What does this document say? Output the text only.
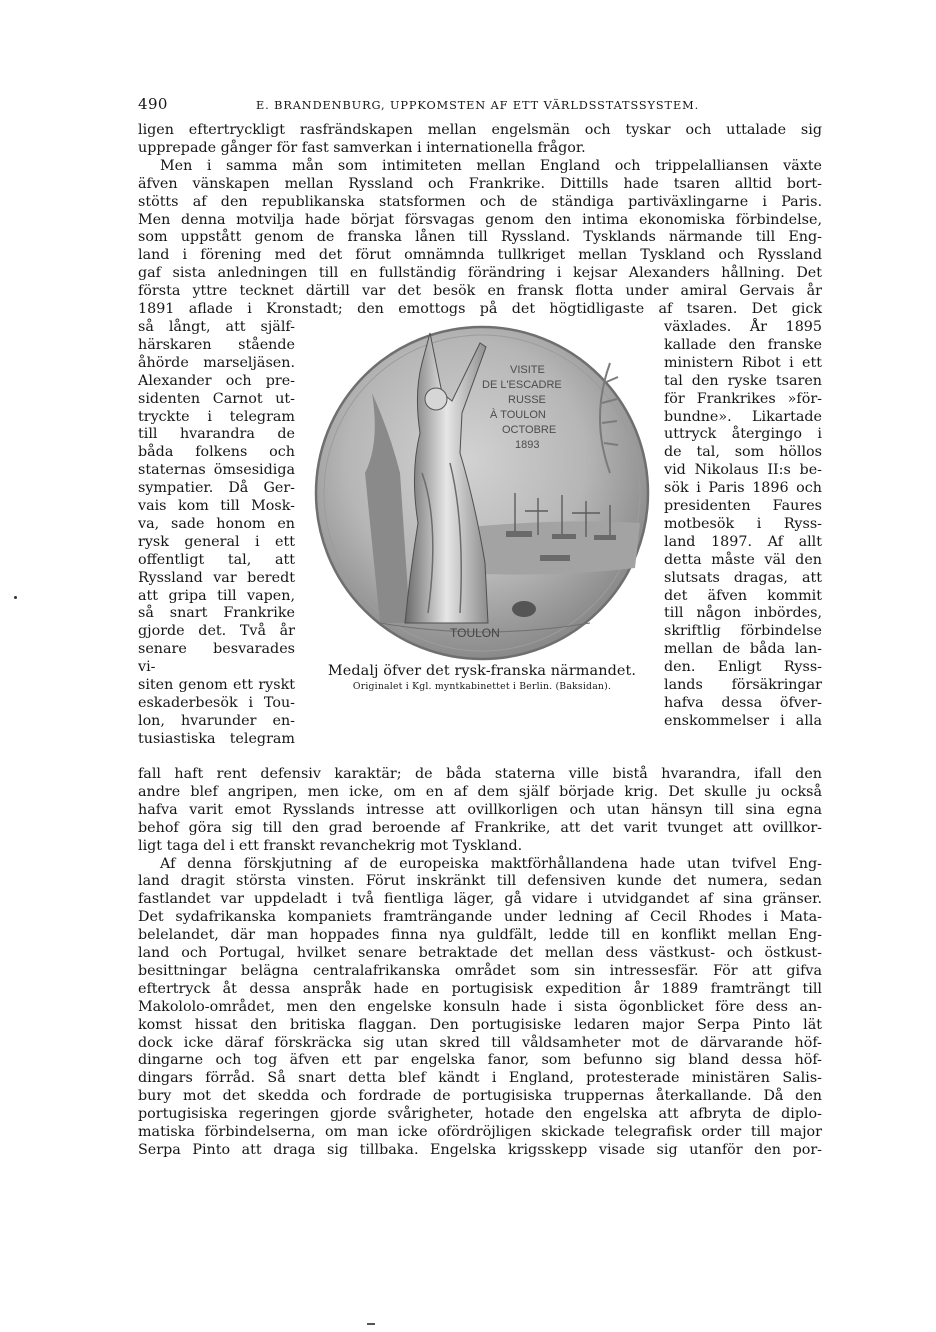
490	E. BRANDENBURG, UPPKOMSTEN AF ETT VÄRLDSSTATSSYSTEM.

ligen eftertryckligt rasfrändskapen mellan engelsmän och tyskar och uttalade sig

upprepade gånger för fast samverkan i internationella frågor.

Men i samma mån som intimiteten mellan England och trippelalliansen växte

äfven vänskapen mellan Ryssland och Frankrike. Dittills hade tsaren alltid bort-

stötts af den republikanska statsformen och de ständiga partiväxlingarne i Paris.

Men denna motvilja hade börjat försvagas genom den intima ekonomiska förbindelse,

som uppstått genom de franska lånen till Ryssland. Tysklands närmande till Eng-

land i förening med det förut omnämnda tullkriget mellan Tyskland och Ryssland

gaf sista anledningen till en fullständig förändring i kejsar Alexanders hållning. Det

första yttre tecknet därtill var det besök en fransk flotta under amiral Gervais år

1891 aflade i Kronstadt; den emottogs på det högtidligaste af tsaren. Det gick

så långt, att själf-

härskaren stående

åhörde marseljäsen.

Alexander och pre-

sidenten Carnot ut-

tryckte i telegram

till hvarandra de

båda folkens och

staternas ömsesidiga

sympatier. Då Ger-

vais kom till Mosk-

va, sade honom en

rysk general i ett

offentligt tal, att

Ryssland var beredt

att gripa till vapen,

så snart Frankrike

gjorde det. Två år

senare besvarades vi-

siten genom ett ryskt

eskaderbesök i Tou-

lon, hvarunder en-

tusiastiska telegram

VISITE
DE L'ESCADRE
RUSSE
À TOULON
OCTOBRE
1893
TOULON
Medalj öfver det rysk-franska närmandet.
Originalet i Kgl. myntkabinettet i Berlin. (Baksidan).

växlades. År 1895

kallade den franske

ministern Ribot i ett

tal den ryske tsaren

för Frankrikes »för-

bundne». Likartade

uttryck återgingo i

de tal, som höllos

vid Nikolaus II:s be-

sök i Paris 1896 och

presidenten Faures

motbesök i Ryss-

land 1897. Af allt

detta måste väl den

slutsats dragas, att

det äfven kommit

till någon inbördes,

skriftlig förbindelse

mellan de båda lan-

den. Enligt Ryss-

lands försäkringar

hafva dessa öfver-

enskommelser i alla

fall haft rent defensiv karaktär; de båda staterna ville bistå hvarandra, ifall den

andre blef angripen, men icke, om en af dem själf började krig. Det skulle ju också

hafva varit emot Rysslands intresse att ovillkorligen och utan hänsyn till sina egna

behof göra sig till den grad beroende af Frankrike, att det varit tvunget att ovillkor-

ligt taga del i ett franskt revanchekrig mot Tyskland.

Af denna förskjutning af de europeiska maktförhållandena hade utan tvifvel Eng-

land dragit största vinsten. Förut inskränkt till defensiven kunde det numera, sedan

fastlandet var uppdeladt i två fientliga läger, gå vidare i utvidgandet af sina gränser.

Det sydafrikanska kompaniets framträngande under ledning af Cecil Rhodes i Mata-

belelandet, där man hoppades finna nya guldfält, ledde till en konflikt mellan Eng-

land och Portugal, hvilket senare betraktade det mellan dess västkust- och östkust-

besittningar belägna centralafrikanska området som sin intressesfär. För att gifva

eftertryck åt dessa anspråk hade en portugisisk expedition år 1889 framträngt till

Makololo-området, men den engelske konsuln hade i sista ögonblicket före dess an-

komst hissat den britiska flaggan. Den portugisiske ledaren major Serpa Pinto lät

dock icke däraf förskräcka sig utan skred till våldsamheter mot de därvarande höf-

dingarne och tog äfven ett par engelska fanor, som befunno sig bland dessa höf-

dingars förråd. Så snart detta blef kändt i England, protesterade ministären Salis-

bury mot det skedda och fordrade de portugisiska truppernas återkallande. Då den

portugisiska regeringen gjorde svårigheter, hotade den engelska att afbryta de diplo-

matiska förbindelserna, om man icke ofördröjligen skickade telegrafisk order till major

Serpa Pinto att draga sig tillbaka. Engelska krigsskepp visade sig utanför den por-
